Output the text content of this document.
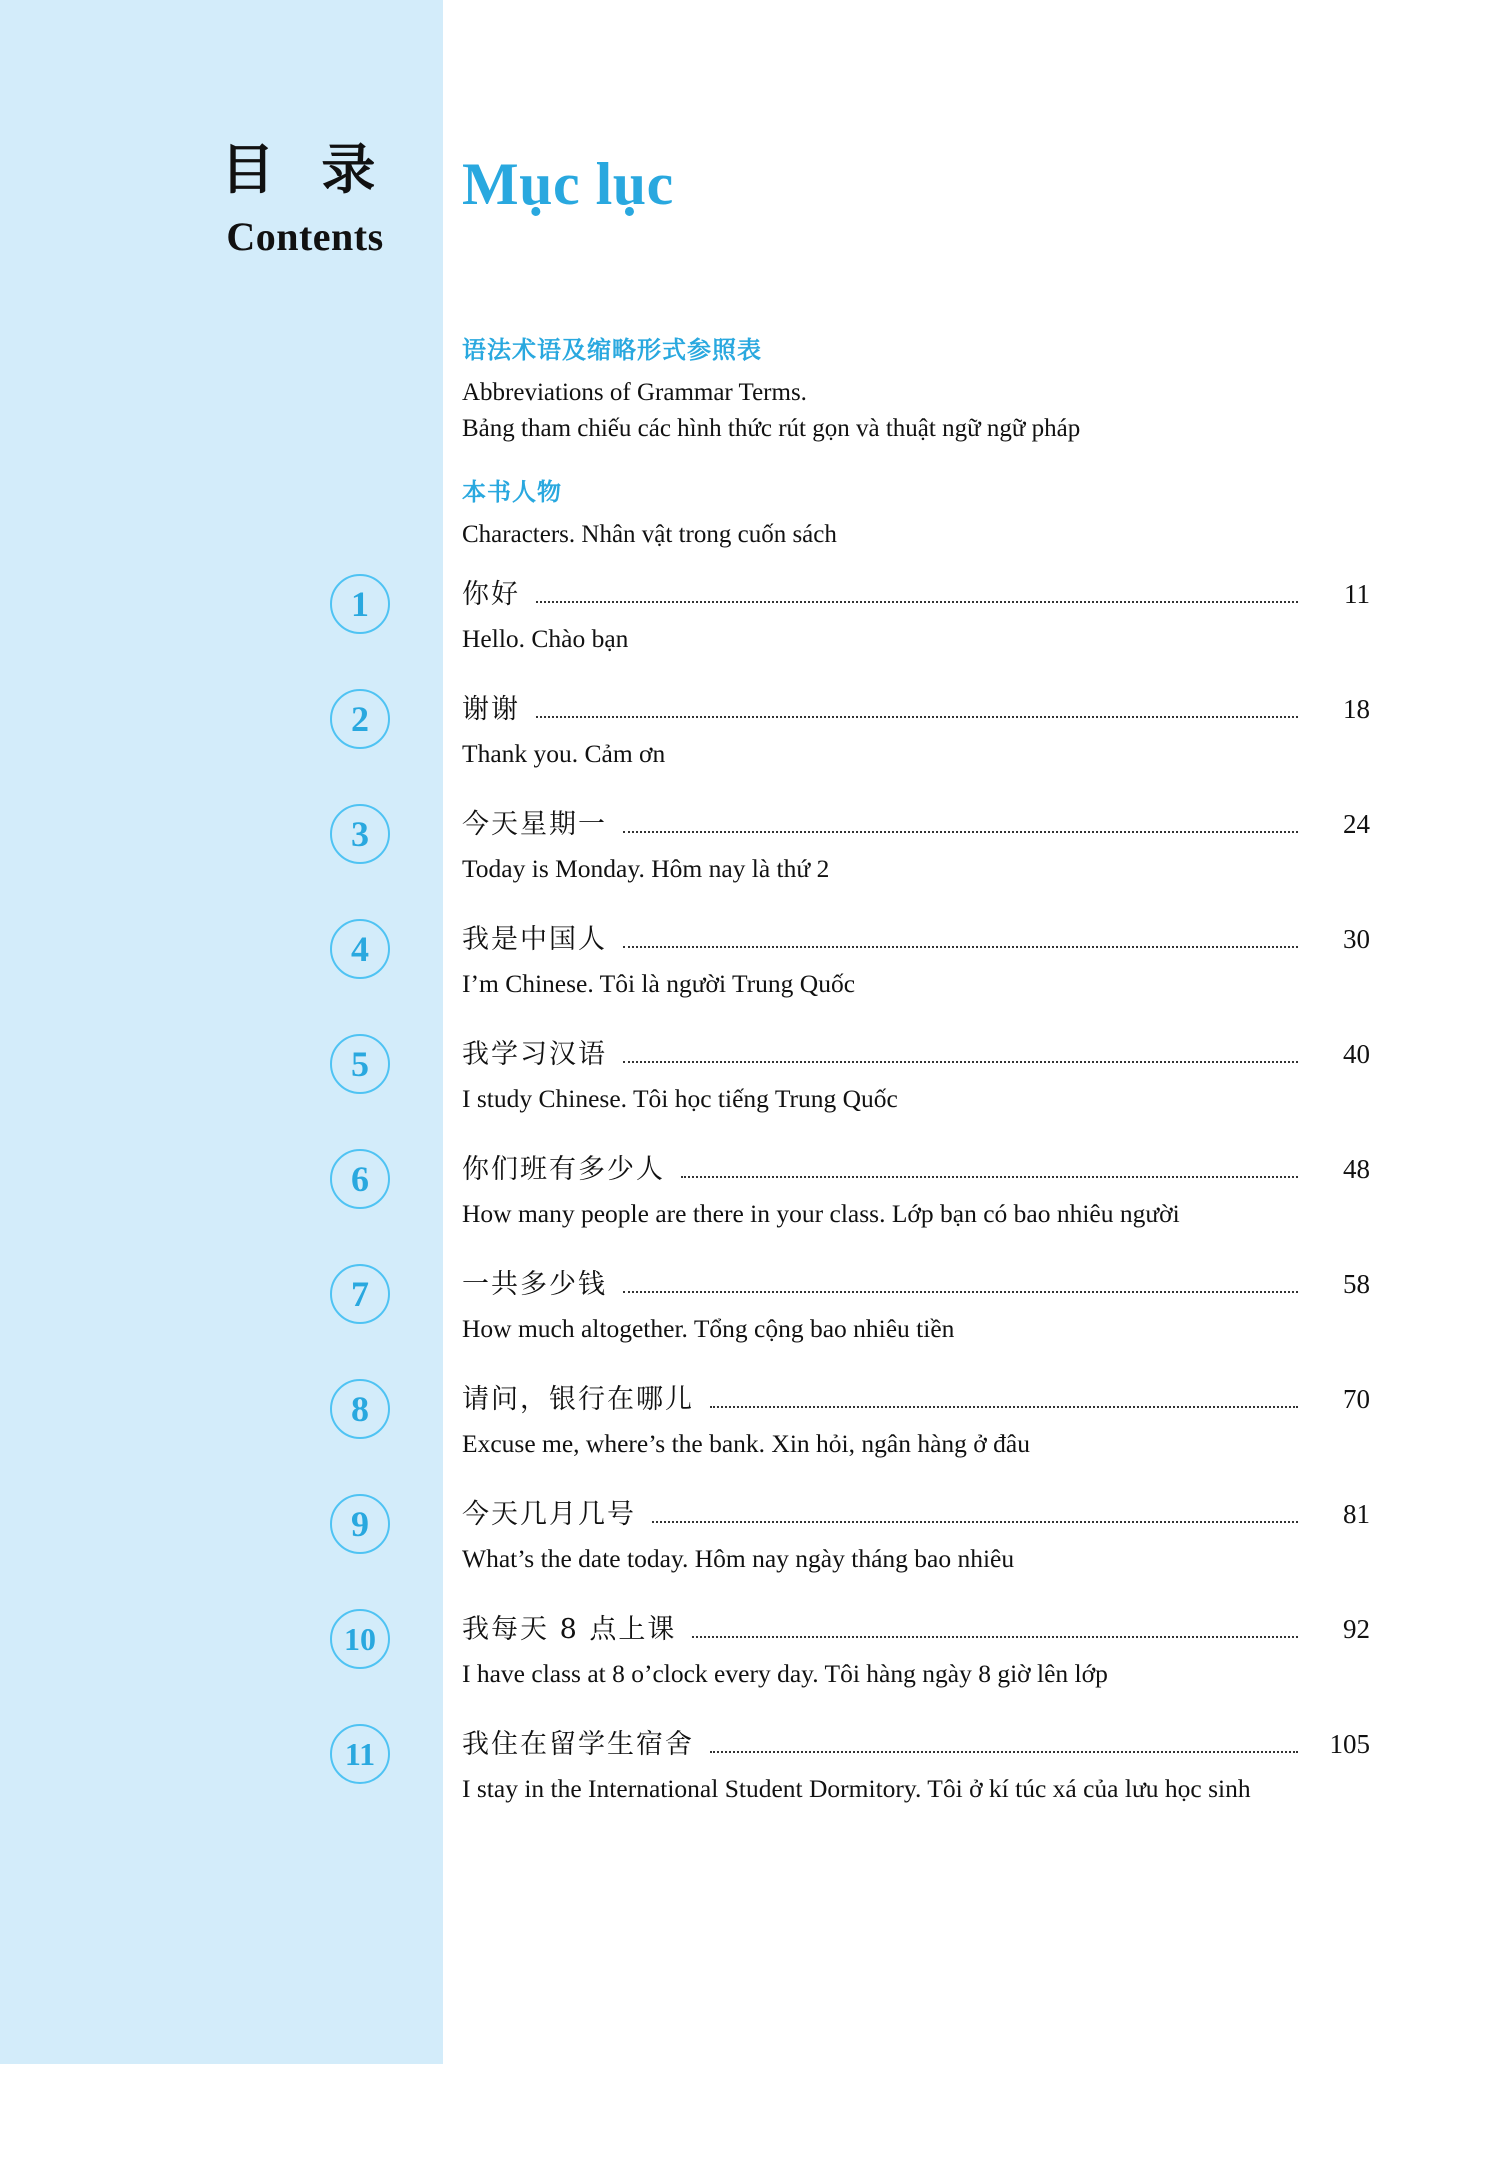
目 录
Contents
Mục lục
语法术语及缩略形式参照表
Abbreviations of Grammar Terms.
Bảng tham chiếu các hình thức rút gọn và thuật ngữ ngữ pháp
本书人物
Characters. Nhân vật trong cuốn sách
1	你好	11
Hello. Chào bạn
2	谢谢	18
Thank you. Cảm ơn
3	今天星期一	24
Today is Monday. Hôm nay là thứ 2
4	我是中国人	30
I’m Chinese. Tôi là người Trung Quốc
5	我学习汉语	40
I study Chinese. Tôi học tiếng Trung Quốc
6	你们班有多少人	48
How many people are there in your class. Lớp bạn có bao nhiêu người
7	一共多少钱	58
How much altogether. Tổng cộng bao nhiêu tiền
8	请问，银行在哪儿	70
Excuse me, where’s the bank. Xin hỏi, ngân hàng ở đâu
9	今天几月几号	81
What’s the date today. Hôm nay ngày tháng bao nhiêu
10	我每天 8 点上课	92
I have class at 8 o’clock every day. Tôi hàng ngày 8 giờ lên lớp
11	我住在留学生宿舍	105
I stay in the International Student Dormitory. Tôi ở kí túc xá của lưu học sinh
